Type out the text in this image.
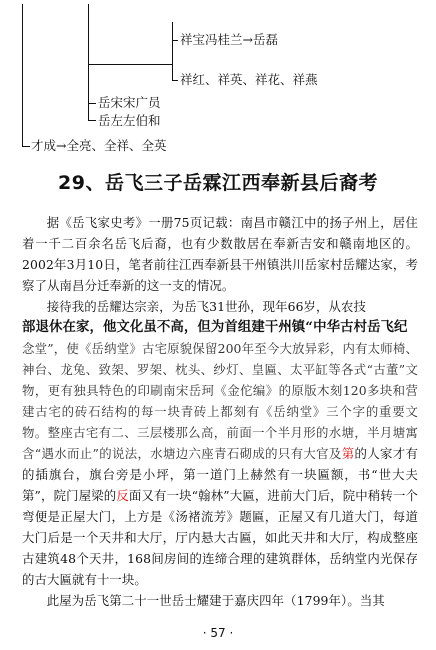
祥宝冯桂兰→岳磊
祥红、祥英、祥花、祥燕
岳宋宋广员
岳左左伯和
才成→全亮、全祥、全英
29、岳飞三子岳霖江西奉新县后裔考

据《岳飞家史考》一册75页记载：南昌市赣江中的扬子州上，居住着一千二百余名岳飞后裔，也有少数散居在奉新吉安和赣南地区的。2002年3月10日，笔者前往江西奉新县干州镇洪川岳家村岳耀达家，考察了从南昌分迁奉新的这一支的情况。

接待我的岳耀达宗亲，为岳飞31世孙，现年66岁，从农技

部退休在家，他文化虽不高，但为首组建干州镇“中华古村岳飞纪

念堂”，使《岳纳堂》古宅原貌保留200年至今大放异彩，内有太师椅、神台、龙兔、致架、罗架、枕头、纱灯、皇匾、太平缸等各式“古董”文物，更有独具特色的印刷南宋岳珂《金佗编》的原版木刻120多块和营建古宅的砖石结构的每一块青砖上都刻有《岳纳堂》三个字的重要文物。整座古宅有二、三层楼那么高，前面一个半月形的水塘，半月塘寓含“遇水而止”的说法，水塘边六座青石砌成的只有大官及第的人家才有的插旗台，旗台旁是小坪，第一道门上赫然有一块匾额，书“世大夫第”，院门屋梁的反面又有一块“翰林”大匾，进前大门后，院中稍转一个弯便是正屋大门，上方是《汤褚流芳》题匾，正屋又有几道大门，每道大门后是一个天井和大厅，厅内悬大古匾，如此天井和大厅，构成整座古建筑48个天井，168间房间的连缔合理的建筑群体，岳纳堂内光保存的古大匾就有十一块。

此屋为岳飞第二十一世岳士耀建于嘉庆四年（1799年）。当其

· 57 ·
